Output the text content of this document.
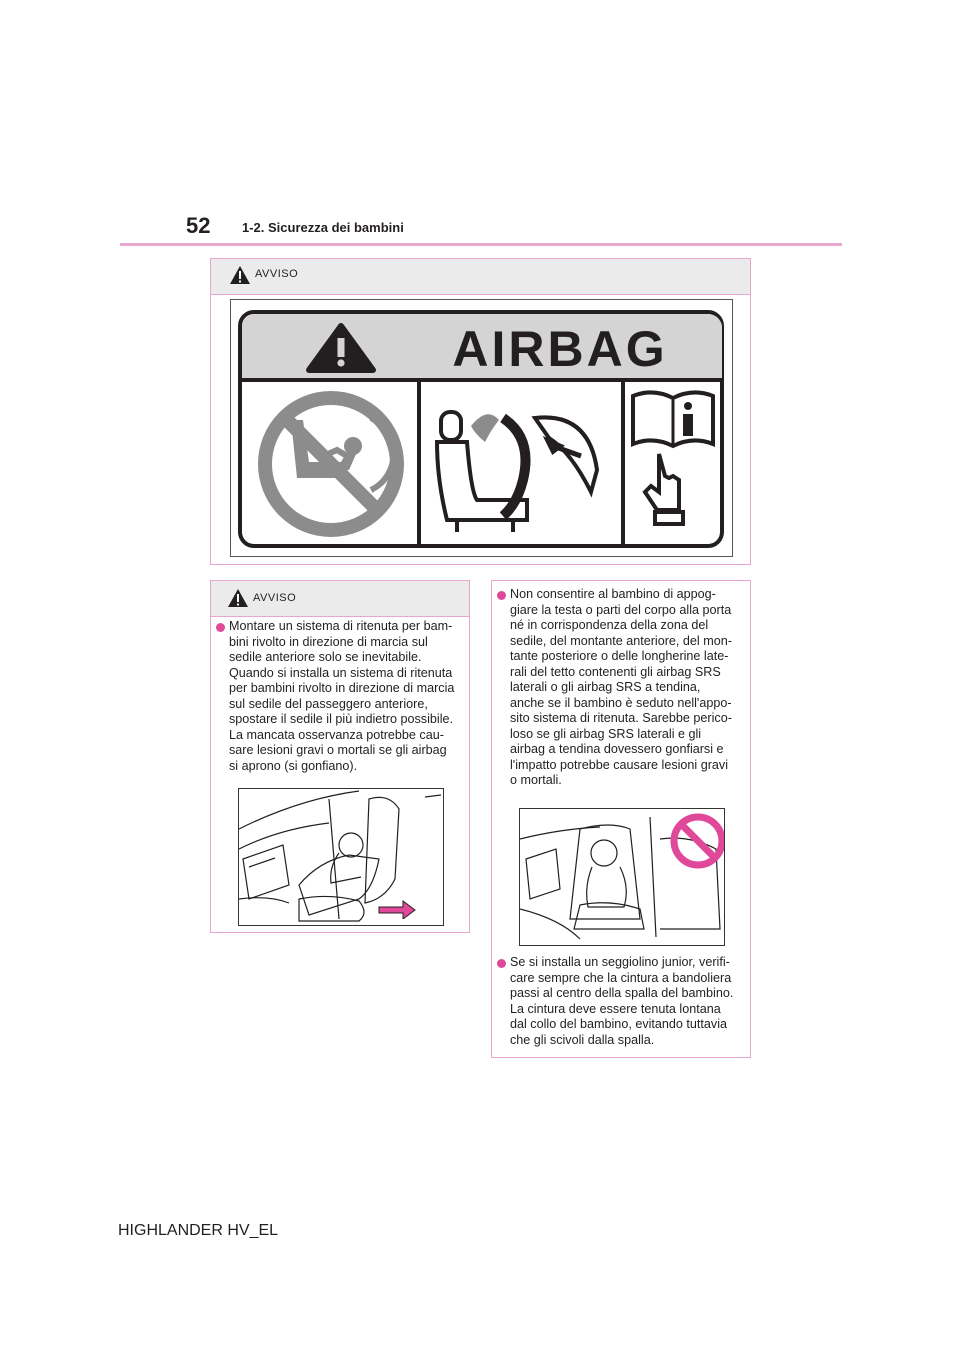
52 1-2. Sicurezza dei bambini
AVVISO
AIRBAG
AVVISO
Montare un sistema di ritenuta per bam-
bini rivolto in direzione di marcia sul
sedile anteriore solo se inevitabile.
Quando si installa un sistema di ritenuta
per bambini rivolto in direzione di marcia
sul sedile del passeggero anteriore,
spostare il sedile il più indietro possibile.
La mancata osservanza potrebbe cau-
sare lesioni gravi o mortali se gli airbag
si aprono (si gonfiano).
Non consentire al bambino di appog-
giare la testa o parti del corpo alla porta
né in corrispondenza della zona del
sedile, del montante anteriore, del mon-
tante posteriore o delle longherine late-
rali del tetto contenenti gli airbag SRS
laterali o gli airbag SRS a tendina,
anche se il bambino è seduto nell'appo-
sito sistema di ritenuta. Sarebbe perico-
loso se gli airbag SRS laterali e gli
airbag a tendina dovessero gonfiarsi e
l'impatto potrebbe causare lesioni gravi
o mortali.
Se si installa un seggiolino junior, verifi-
care sempre che la cintura a bandoliera
passi al centro della spalla del bambino.
La cintura deve essere tenuta lontana
dal collo del bambino, evitando tuttavia
che gli scivoli dalla spalla.
HIGHLANDER HV_EL
